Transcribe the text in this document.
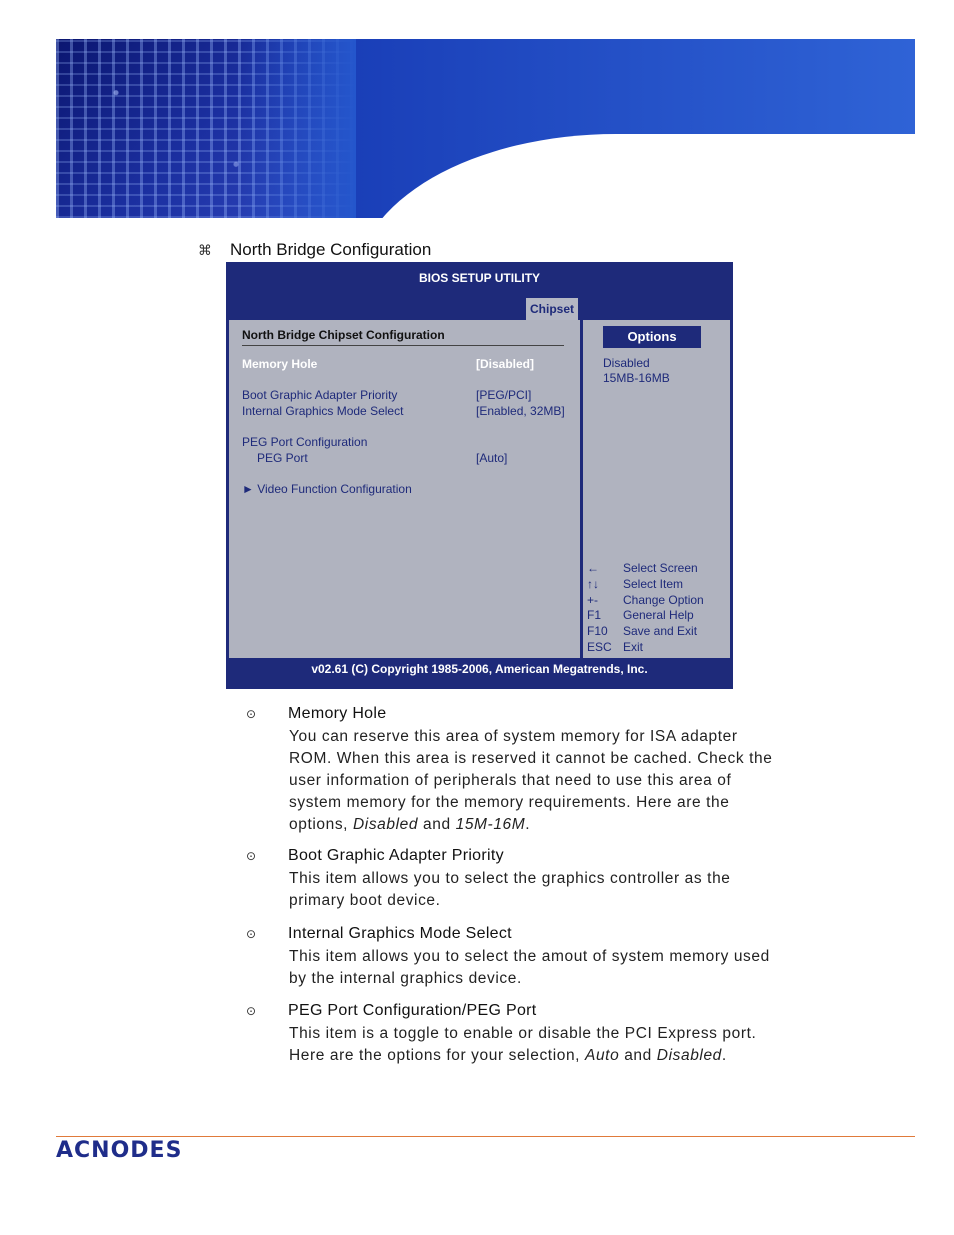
⌘ North Bridge Configuration
BIOS SETUP UTILITY
Chipset
North Bridge Chipset Configuration
Memory Hole	[Disabled]
Boot Graphic Adapter Priority	[PEG/PCI]
Internal Graphics Mode Select	[Enabled, 32MB]
PEG Port Configuration
PEG Port	[Auto]
► Video Function Configuration
Options
Disabled
15MB-16MB
← Select Screen
↑↓ Select Item
+- Change Option
F1 General Help
F10 Save and Exit
ESC Exit
v02.61 (C) Copyright 1985-2006, American Megatrends, Inc.
⊙ Memory Hole
You can reserve this area of system memory for ISA adapter ROM. When this area is reserved it cannot be cached. Check the user information of peripherals that need to use this area of system memory for the memory requirements. Here are the options, Disabled and 15M-16M.
⊙ Boot Graphic Adapter Priority
This item allows you to select the graphics controller as the primary boot device.
⊙ Internal Graphics Mode Select
This item allows you to select the amout of system memory used by the internal graphics device.
⊙ PEG Port Configuration/PEG Port
This item is a toggle to enable or disable the PCI Express port. Here are the options for your selection, Auto and Disabled.
ACNODES
